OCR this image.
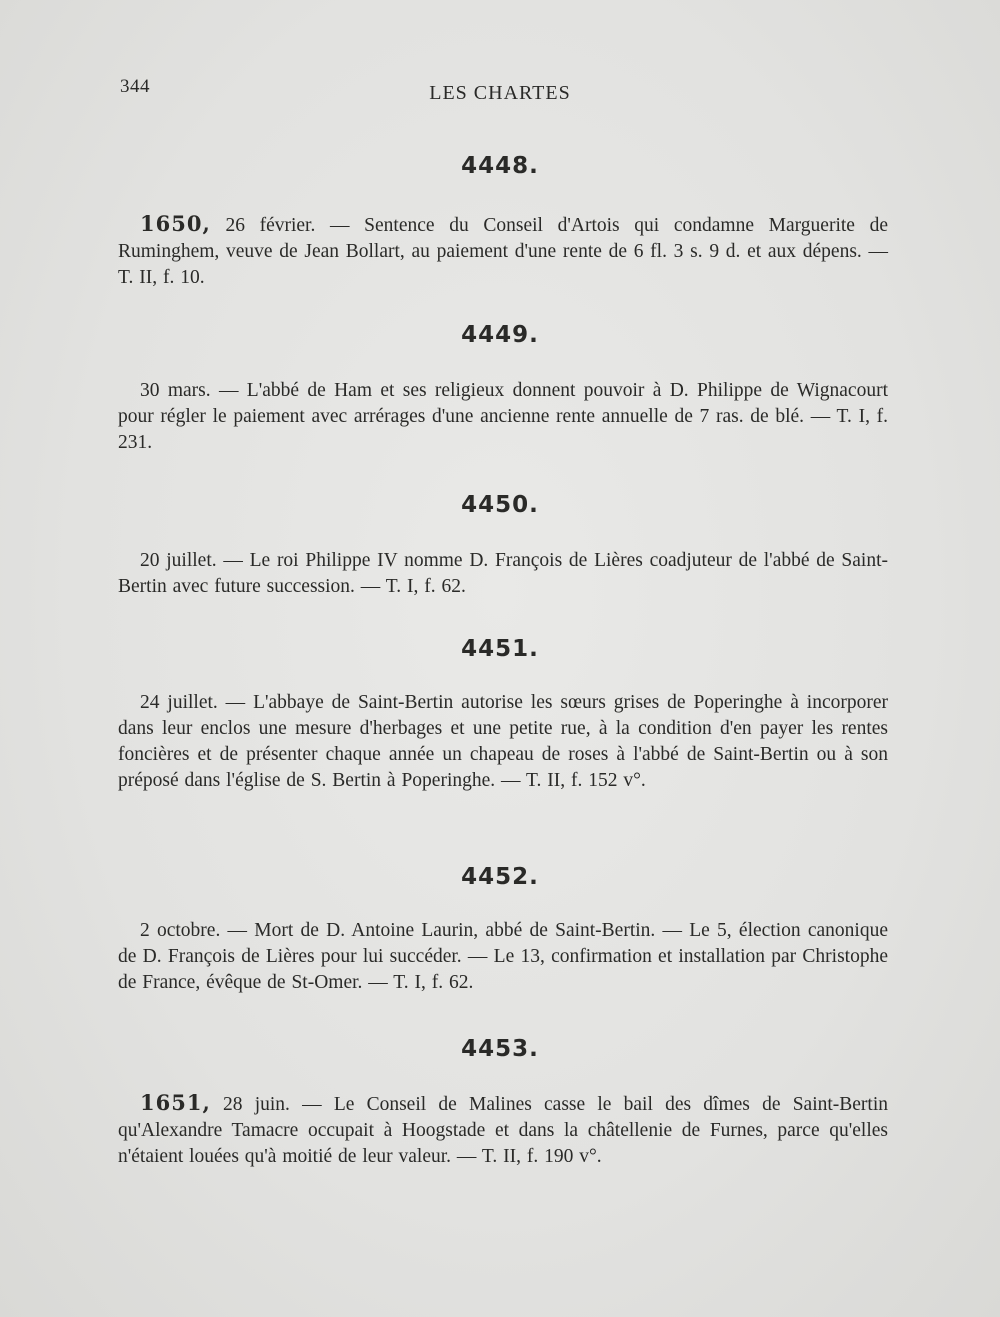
344	LES CHARTES
4448.
1650, 26 février. — Sentence du Conseil d'Artois qui condamne Marguerite de Ruminghem, veuve de Jean Bollart, au paiement d'une rente de 6 fl. 3 s. 9 d. et aux dépens. — T. II, f. 10.
4449.
30 mars. — L'abbé de Ham et ses religieux donnent pouvoir à D. Philippe de Wignacourt pour régler le paiement avec arrérages d'une ancienne rente annuelle de 7 ras. de blé. — T. I, f. 231.
4450.
20 juillet. — Le roi Philippe IV nomme D. François de Lières coadjuteur de l'abbé de Saint-Bertin avec future succession. — T. I, f. 62.
4451.
24 juillet. — L'abbaye de Saint-Bertin autorise les sœurs grises de Poperinghe à incorporer dans leur enclos une mesure d'herbages et une petite rue, à la condition d'en payer les rentes foncières et de présenter chaque année un chapeau de roses à l'abbé de Saint-Bertin ou à son préposé dans l'église de S. Bertin à Poperinghe. — T. II, f. 152 v°.
4452.
2 octobre. — Mort de D. Antoine Laurin, abbé de Saint-Bertin. — Le 5, élection canonique de D. François de Lières pour lui succéder. — Le 13, confirmation et installation par Christophe de France, évêque de St-Omer. — T. I, f. 62.
4453.
1651, 28 juin. — Le Conseil de Malines casse le bail des dîmes de Saint-Bertin qu'Alexandre Tamacre occupait à Hoogstade et dans la châtellenie de Furnes, parce qu'elles n'étaient louées qu'à moitié de leur valeur. — T. II, f. 190 v°.
